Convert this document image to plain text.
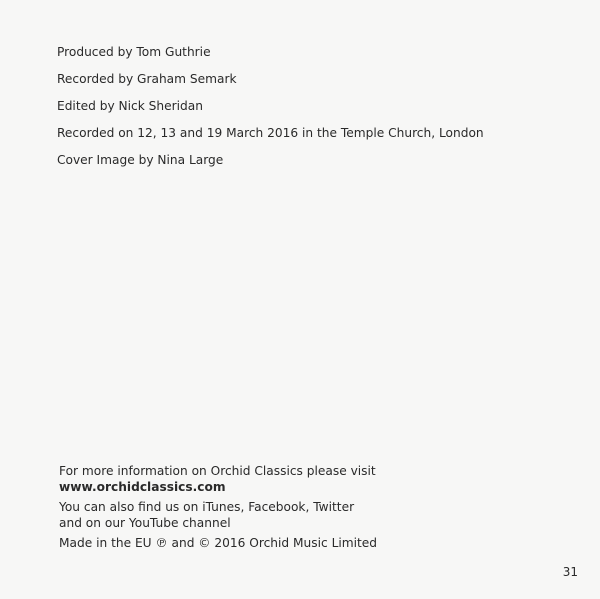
Produced by Tom Guthrie

Recorded by Graham Semark

Edited by Nick Sheridan

Recorded on 12, 13 and 19 March 2016 in the Temple Church, London

Cover Image by Nina Large

For more information on Orchid Classics please visit

www.orchidclassics.com

You can also find us on iTunes, Facebook, Twitter

and on our YouTube channel

Made in the EU ℗ and © 2016 Orchid Music Limited

31
